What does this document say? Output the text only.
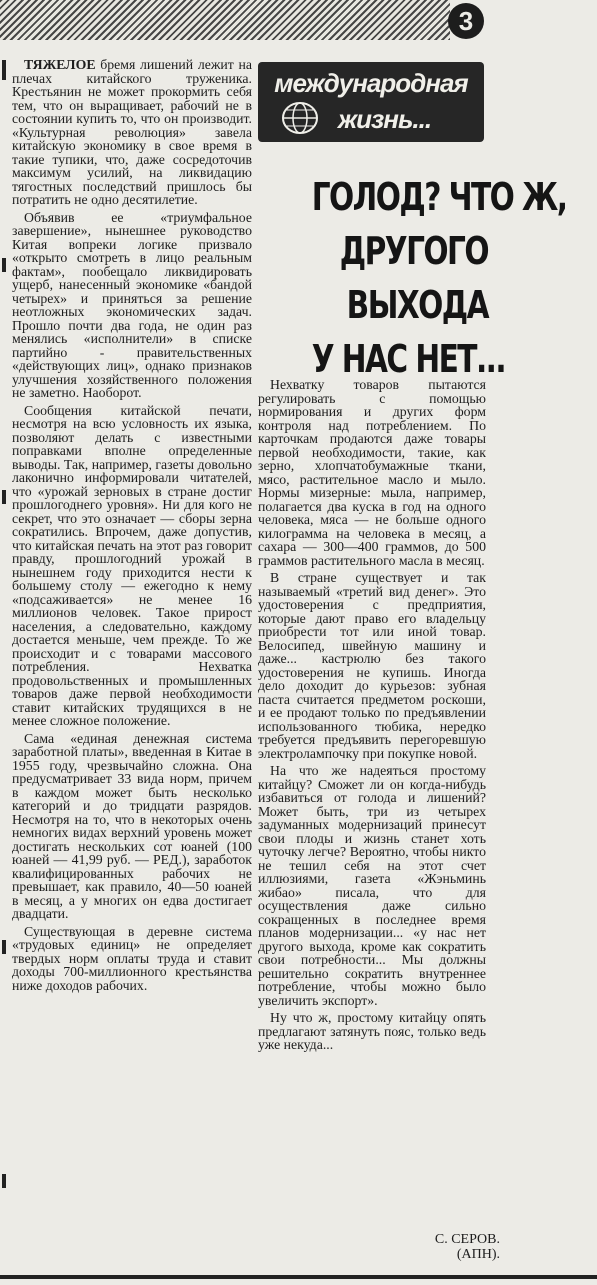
3

ТЯЖЕЛОЕ бремя лишений лежит на плечах китайского труженика. Крестьянин не может прокормить себя тем, что он выращивает, рабочий не в состоянии купить то, что он производит. «Культурная революция» завела китайскую экономику в свое время в такие тупики, что, даже сосредоточив максимум усилий, на ликвидацию тягостных последствий пришлось бы потратить не одно десятилетие.

Объявив ее «триумфальное завершение», нынешнее руководство Китая вопреки логике призвало «открыто смотреть в лицо реальным фактам», пообещало ликвидировать ущерб, нанесенный экономике «бандой четырех» и приняться за решение неотложных экономических задач. Прошло почти два года, не один раз менялись «исполнители» в списке партийно - правительственных «действующих лиц», однако признаков улучшения хозяйственного положения не заметно. Наоборот.

Сообщения китайской печати, несмотря на всю условность их языка, позволяют делать с известными поправками вполне определенные выводы. Так, например, газеты довольно лаконично информировали читателей, что «урожай зерновых в стране достиг прошлогоднего уровня». Ни для кого не секрет, что это означает — сборы зерна сократились. Впрочем, даже допустив, что китайская печать на этот раз говорит правду, прошлогодний урожай в нынешнем году приходится нести к большему столу — ежегодно к нему «подсаживается» не менее 16 миллионов человек. Такое прирост населения, а следовательно, каждому достается меньше, чем прежде. То же происходит и с товарами массового потребления. Нехватка продовольственных и промышленных товаров даже первой необходимости ставит китайских трудящихся в не менее сложное положение.

Сама «единая денежная система заработной платы», введенная в Китае в 1955 году, чрезвычайно сложна. Она предусматривает 33 вида норм, причем в каждом может быть несколько категорий и до тридцати разрядов. Несмотря на то, что в некоторых очень немногих видах верхний уровень может достигать нескольких сот юаней (100 юаней — 41,99 руб. — РЕД.), заработок квалифицированных рабочих не превышает, как правило, 40—50 юаней в месяц, а у многих он едва достигает двадцати.

Существующая в деревне система «трудовых единиц» не определяет твердых норм оплаты труда и ставит доходы 700-миллионного крестьянства ниже доходов рабочих.

международная
жизнь...
ГОЛОД? ЧТО Ж,
ДРУГОГО
ВЫХОДА
У НАС НЕТ...

Нехватку товаров пытаются регулировать с помощью нормирования и других форм контроля над потреблением. По карточкам продаются даже товары первой необходимости, такие, как зерно, хлопчатобумажные ткани, мясо, растительное масло и мыло. Нормы мизерные: мыла, например, полагается два куска в год на одного человека, мяса — не больше одного килограмма на человека в месяц, а сахара — 300—400 граммов, до 500 граммов растительного масла в месяц.

В стране существует и так называемый «третий вид денег». Это удостоверения с предприятия, которые дают право его владельцу приобрести тот или иной товар. Велосипед, швейную машину и даже... кастрюлю без такого удостоверения не купишь. Иногда дело доходит до курьезов: зубная паста считается предметом роскоши, и ее продают только по предъявлении использованного тюбика, нередко требуется предъявить перегоревшую электролампочку при покупке новой.

На что же надеяться простому китайцу? Сможет ли он когда-нибудь избавиться от голода и лишений? Может быть, три из четырех задуманных модернизаций принесут свои плоды и жизнь станет хоть чуточку легче? Вероятно, чтобы никто не тешил себя на этот счет иллюзиями, газета «Жэньминь жибао» писала, что для осуществления даже сильно сокращенных в последнее время планов модернизации... «у нас нет другого выхода, кроме как сократить свои потребности... Мы должны решительно сократить внутреннее потребление, чтобы можно было увеличить экспорт».

Ну что ж, простому китайцу опять предлагают затянуть пояс, только ведь уже некуда...

С. СЕРОВ.
(АПН).
